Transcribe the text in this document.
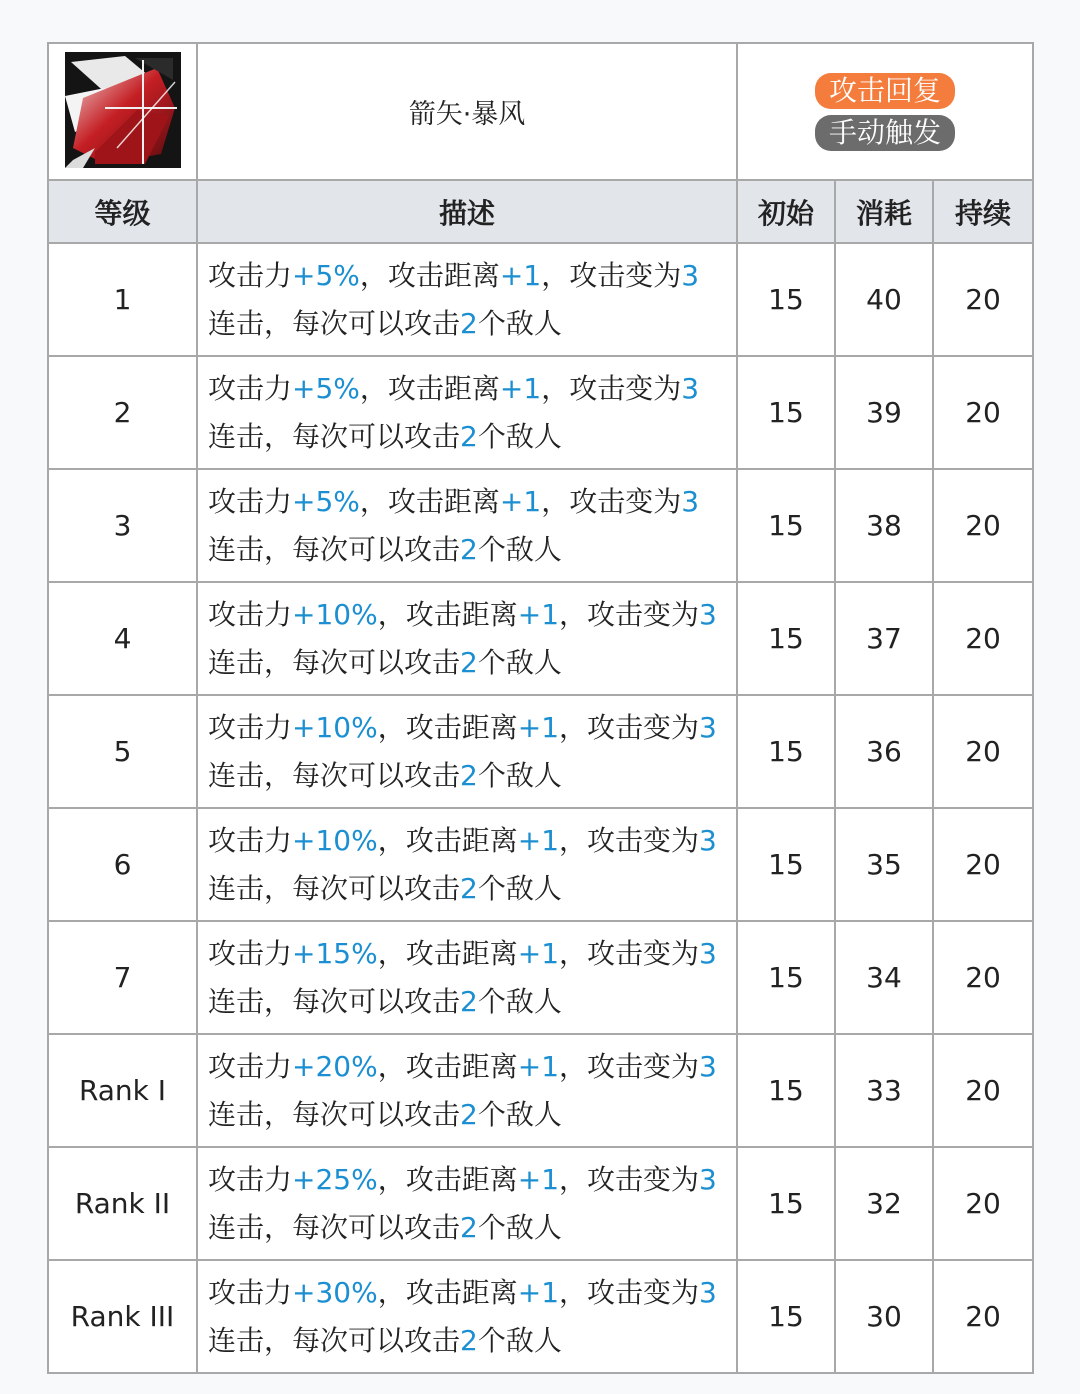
	箭矢·暴风	攻击回复
手动触发		
等级	描述	初始	消耗	持续
1	攻击力+5%，攻击距离+1，攻击变为3
连击，每次可以攻击2个敌人	15	40	20
2	攻击力+5%，攻击距离+1，攻击变为3
连击，每次可以攻击2个敌人	15	39	20
3	攻击力+5%，攻击距离+1，攻击变为3
连击，每次可以攻击2个敌人	15	38	20
4	攻击力+10%，攻击距离+1，攻击变为3
连击，每次可以攻击2个敌人	15	37	20
5	攻击力+10%，攻击距离+1，攻击变为3
连击，每次可以攻击2个敌人	15	36	20
6	攻击力+10%，攻击距离+1，攻击变为3
连击，每次可以攻击2个敌人	15	35	20
7	攻击力+15%，攻击距离+1，攻击变为3
连击，每次可以攻击2个敌人	15	34	20
Rank I	攻击力+20%，攻击距离+1，攻击变为3
连击，每次可以攻击2个敌人	15	33	20
Rank II	攻击力+25%，攻击距离+1，攻击变为3
连击，每次可以攻击2个敌人	15	32	20
Rank III	攻击力+30%，攻击距离+1，攻击变为3
连击，每次可以攻击2个敌人	15	30	20
